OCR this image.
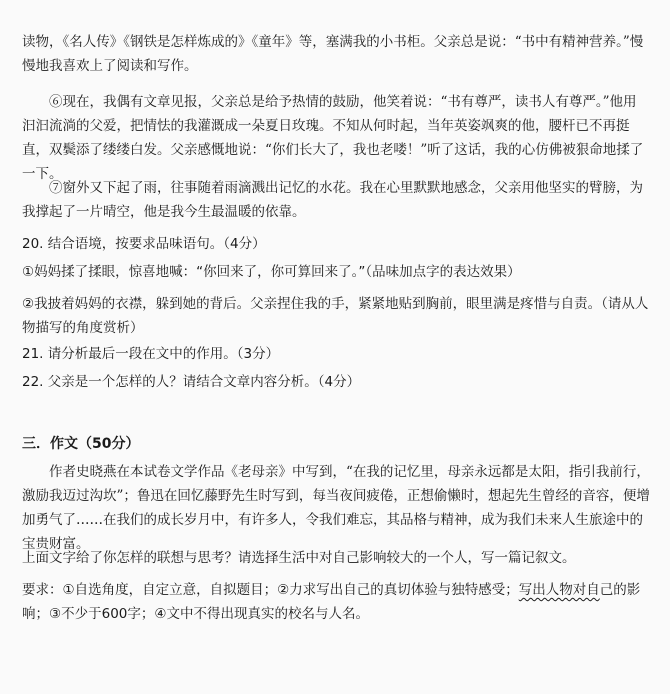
读物，《名人传》《钢铁是怎样炼成的》《童年》等，塞满我的小书柜。父亲总是说：“书中有精神营养。”慢慢地我喜欢上了阅读和写作。

⑥现在，我偶有文章见报，父亲总是给予热情的鼓励，他笑着说：“书有尊严，读书人有尊严。”他用汩汩流淌的父爱，把情怯的我灌溉成一朵夏日玫瑰。不知从何时起，当年英姿飒爽的他，腰杆已不再挺直，双鬓添了缕缕白发。父亲感慨地说：“你们长大了，我也老喽！”听了这话，我的心仿佛被狠命地揉了一下。

⑦窗外又下起了雨，往事随着雨滴溅出记忆的水花。我在心里默默地感念，父亲用他坚实的臂膀，为我撑起了一片晴空，他是我今生最温暖的依靠。

20. 结合语境，按要求品味语句。（4分）

①妈妈揉了揉眼，惊喜地喊：“你回来了，你可算回来了。”（品味加点字的表达效果）

②我披着妈妈的衣襟，躲到她的背后。父亲捏住我的手，紧紧地贴到胸前，眼里满是疼惜与自责。（请从人物描写的角度赏析）

21. 请分析最后一段在文中的作用。（3分）

22. 父亲是一个怎样的人？请结合文章内容分析。（4分）

三．作文（50分）

作者史晓燕在本试卷文学作品《老母亲》中写到，“在我的记忆里，母亲永远都是太阳，指引我前行，激励我迈过沟坎”；鲁迅在回忆藤野先生时写到，每当夜间疲倦，正想偷懒时，想起先生曾经的音容，便增加勇气了……在我们的成长岁月中，有许多人，令我们难忘，其品格与精神，成为我们未来人生旅途中的宝贵财富。

上面文字给了你怎样的联想与思考？请选择生活中对自己影响较大的一个人，写一篇记叙文。

要求：①自选角度，自定立意，自拟题目；②力求写出自己的真切体验与独特感受；写出人物对自己的影响；③不少于600字；④文中不得出现真实的校名与人名。
